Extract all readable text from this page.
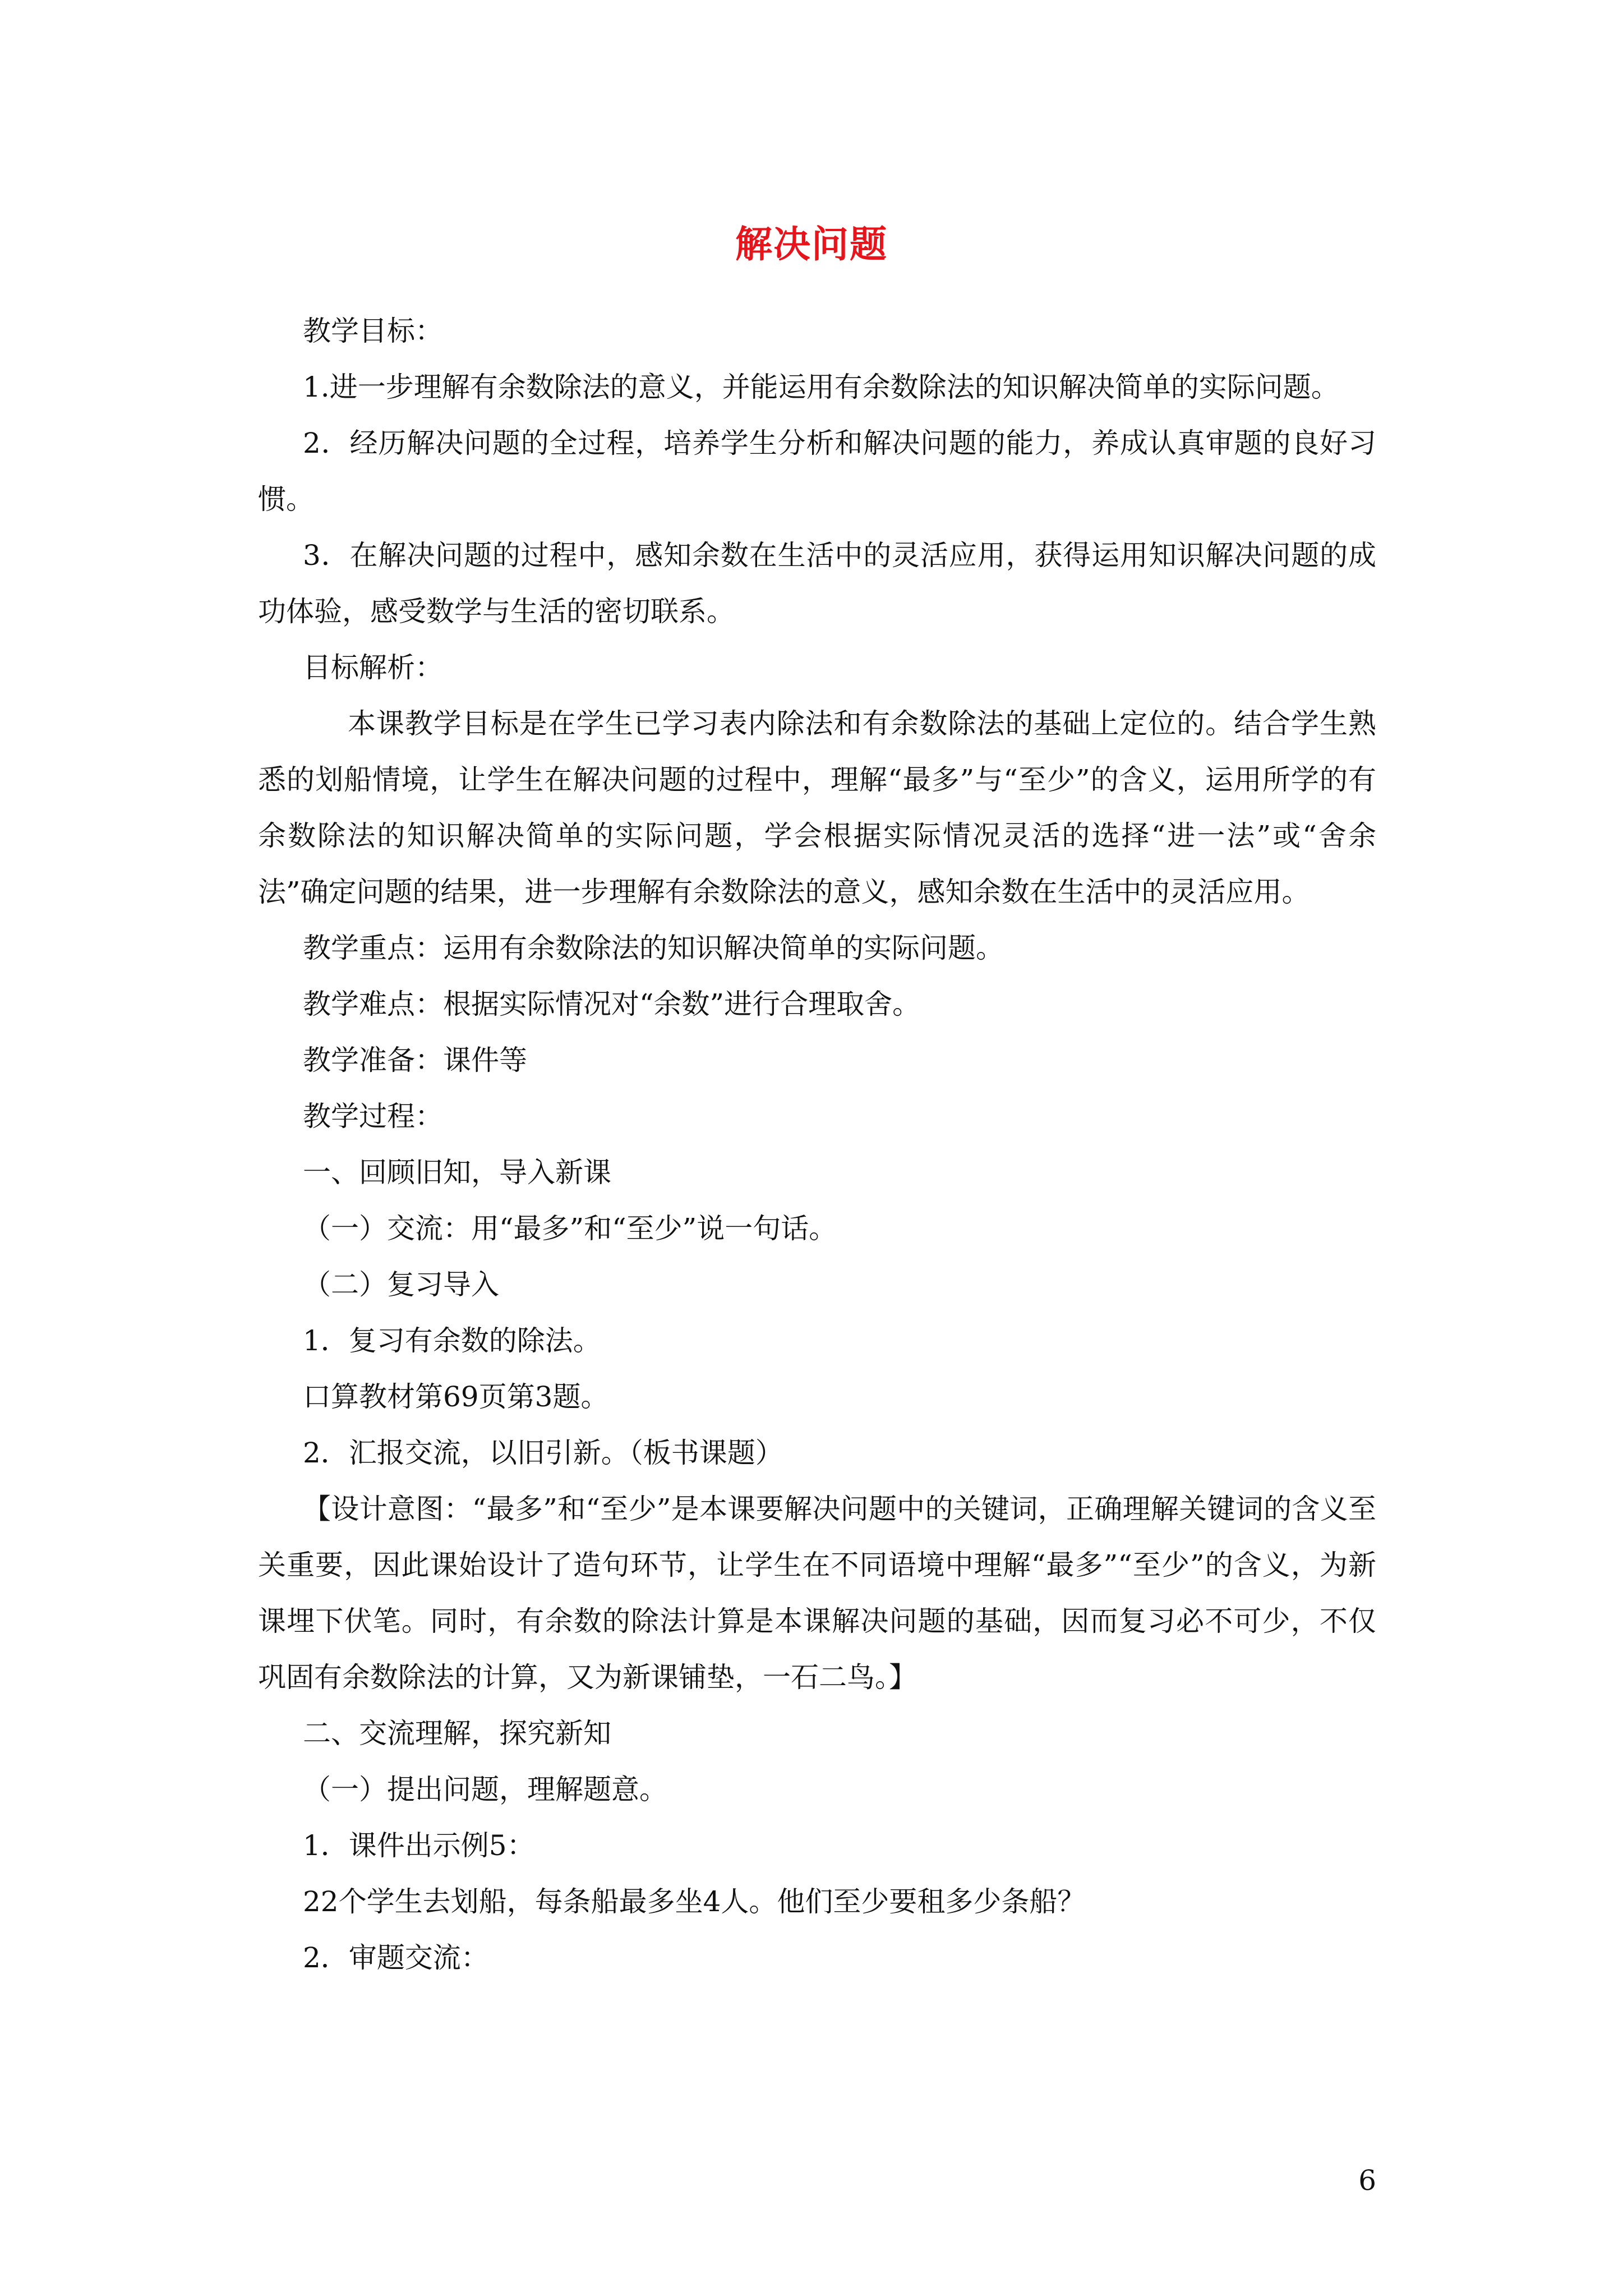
解决问题

教学目标：

1.进一步理解有余数除法的意义，并能运用有余数除法的知识解决简单的实际问题。

2．经历解决问题的全过程，培养学生分析和解决问题的能力，养成认真审题的良好习惯。

3．在解决问题的过程中，感知余数在生活中的灵活应用，获得运用知识解决问题的成功体验，感受数学与生活的密切联系。

目标解析：

本课教学目标是在学生已学习表内除法和有余数除法的基础上定位的。结合学生熟悉的划船情境，让学生在解决问题的过程中，理解“最多”与“至少”的含义，运用所学的有余数除法的知识解决简单的实际问题，学会根据实际情况灵活的选择“进一法”或“舍余法”确定问题的结果，进一步理解有余数除法的意义，感知余数在生活中的灵活应用。

教学重点：运用有余数除法的知识解决简单的实际问题。

教学难点：根据实际情况对“余数”进行合理取舍。

教学准备：课件等

教学过程：

一、回顾旧知，导入新课

（一）交流：用“最多”和“至少”说一句话。

（二）复习导入

1．复习有余数的除法。

口算教材第69页第3题。

2．汇报交流，以旧引新。（板书课题）

【设计意图：“最多”和“至少”是本课要解决问题中的关键词，正确理解关键词的含义至关重要，因此课始设计了造句环节，让学生在不同语境中理解“最多”“至少”的含义，为新课埋下伏笔。同时，有余数的除法计算是本课解决问题的基础，因而复习必不可少，不仅巩固有余数除法的计算，又为新课铺垫，一石二鸟。】

二、交流理解，探究新知

（一）提出问题，理解题意。

1．课件出示例5：

22个学生去划船，每条船最多坐4人。他们至少要租多少条船？

2．审题交流：

6
